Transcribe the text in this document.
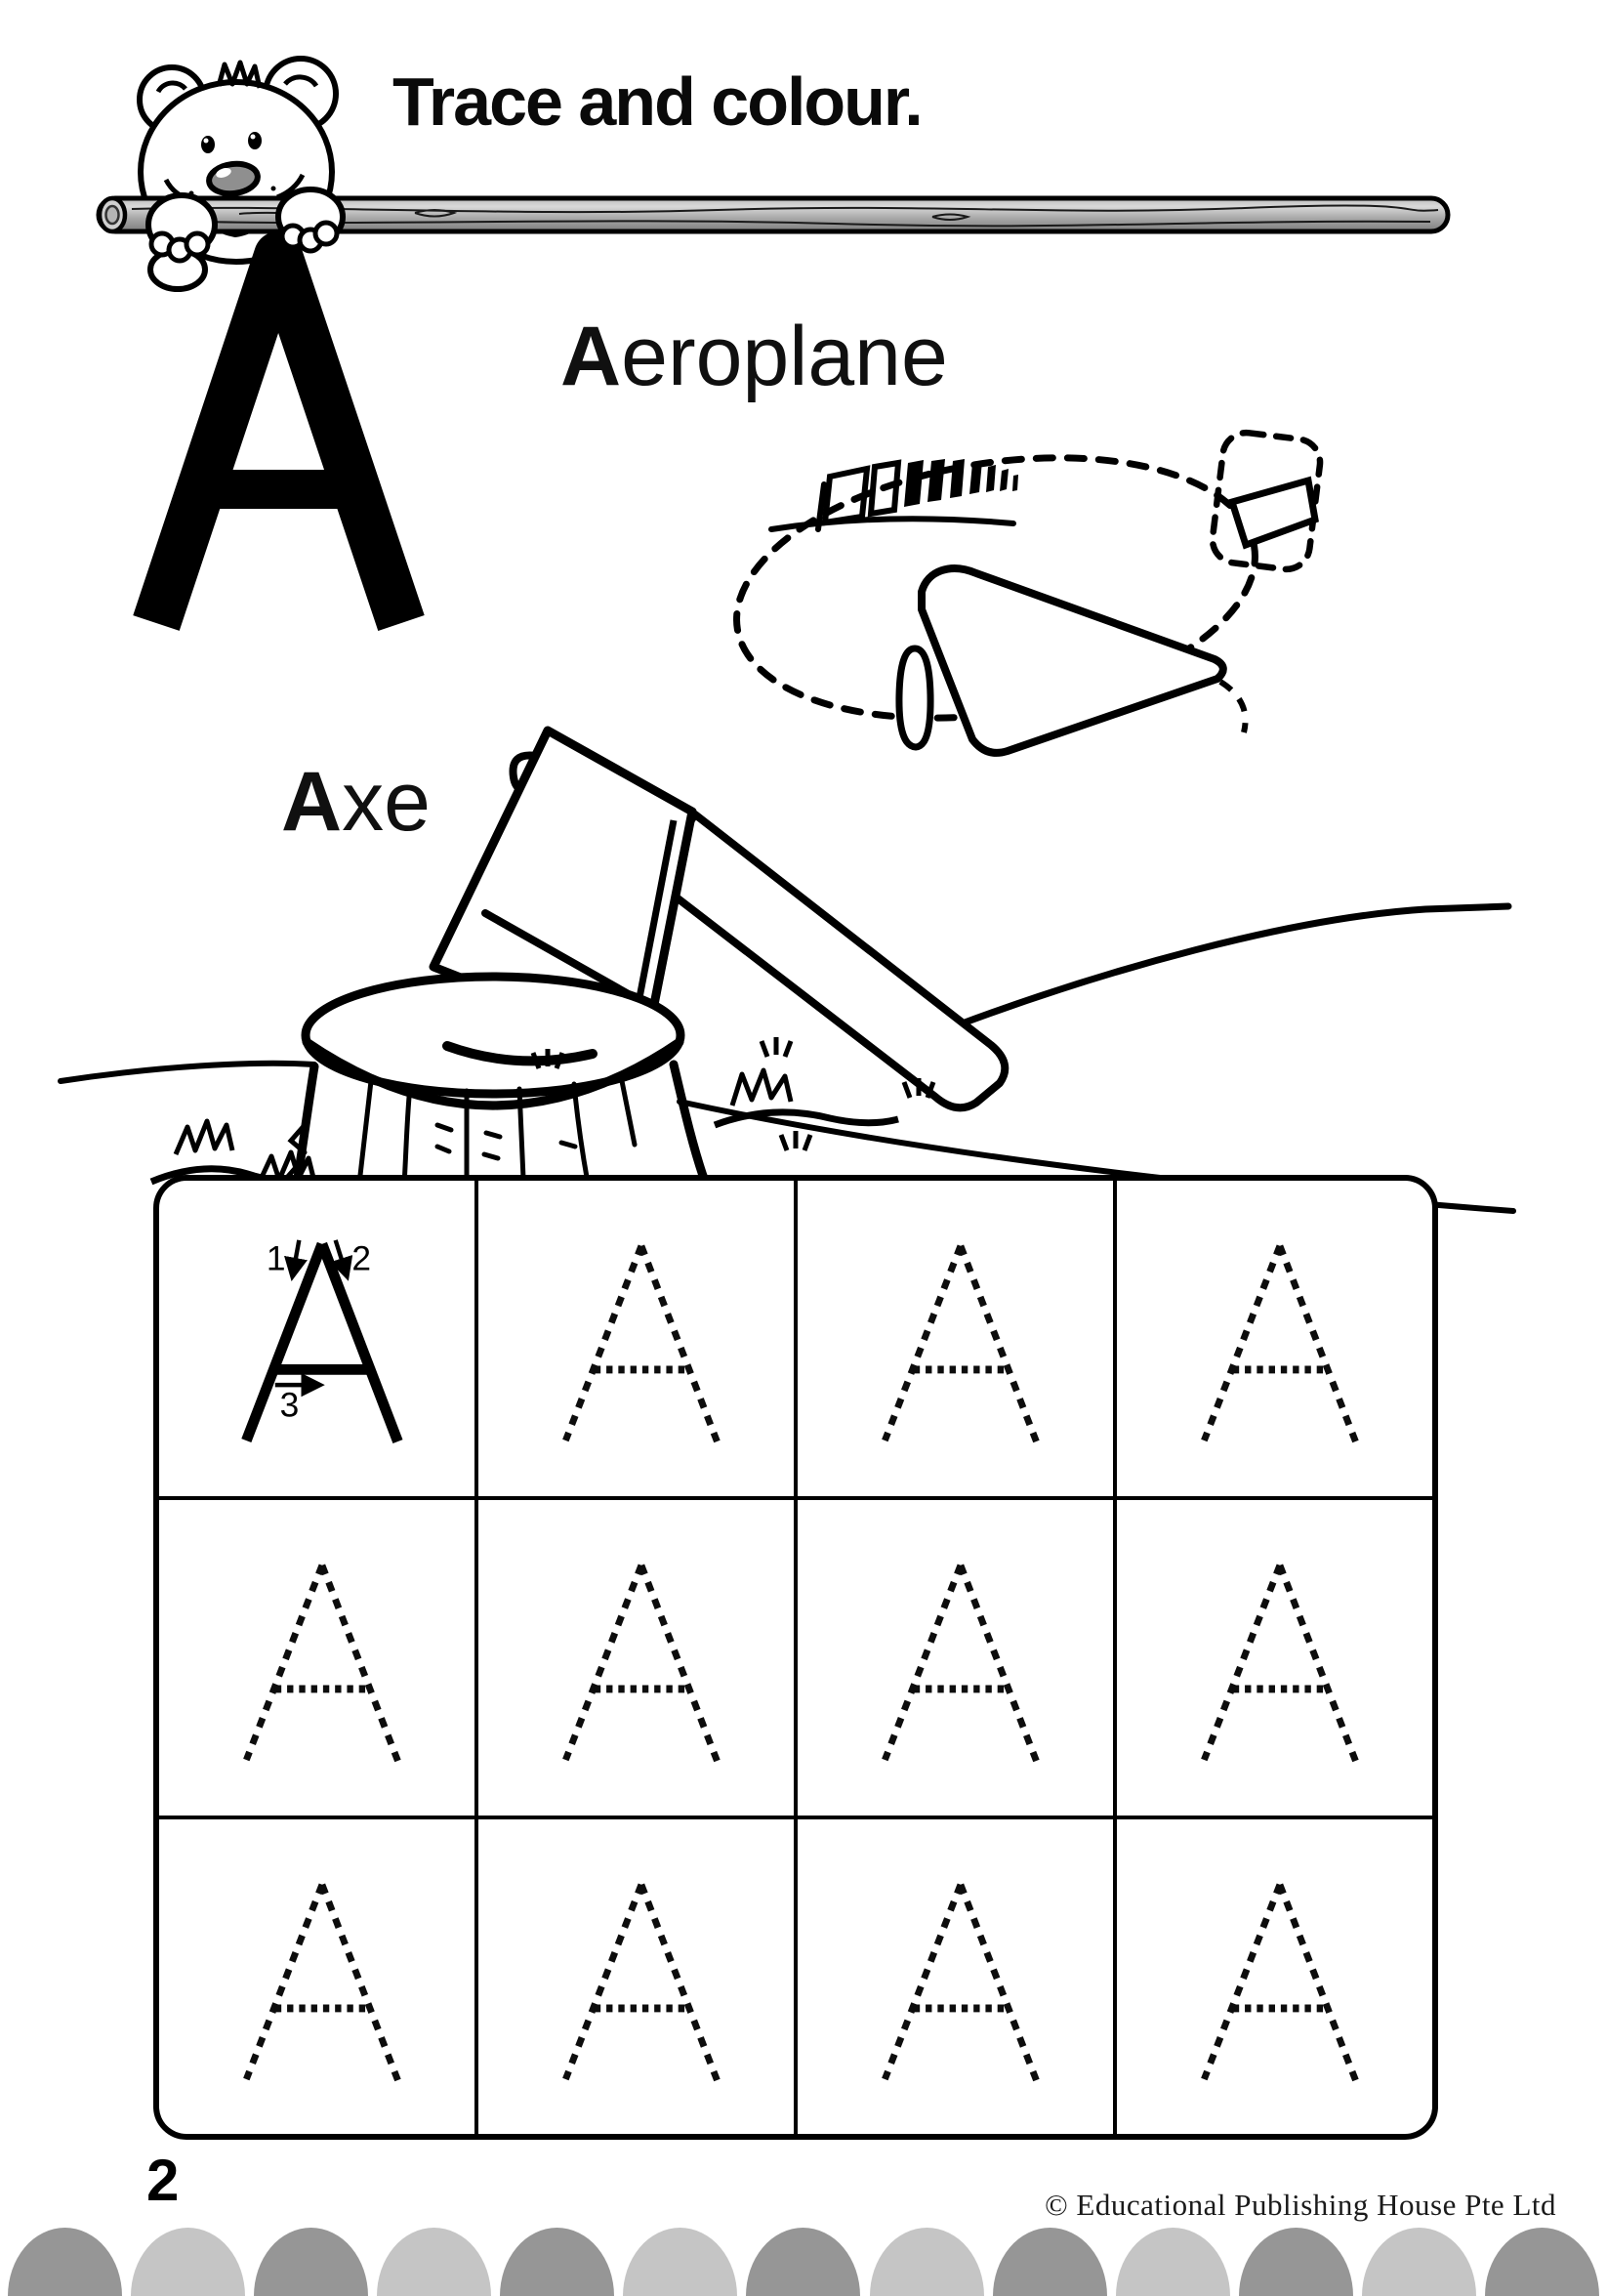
Trace and colour.
Aeroplane
Axe
1 2
3
2	© Educational Publishing House Pte Ltd
